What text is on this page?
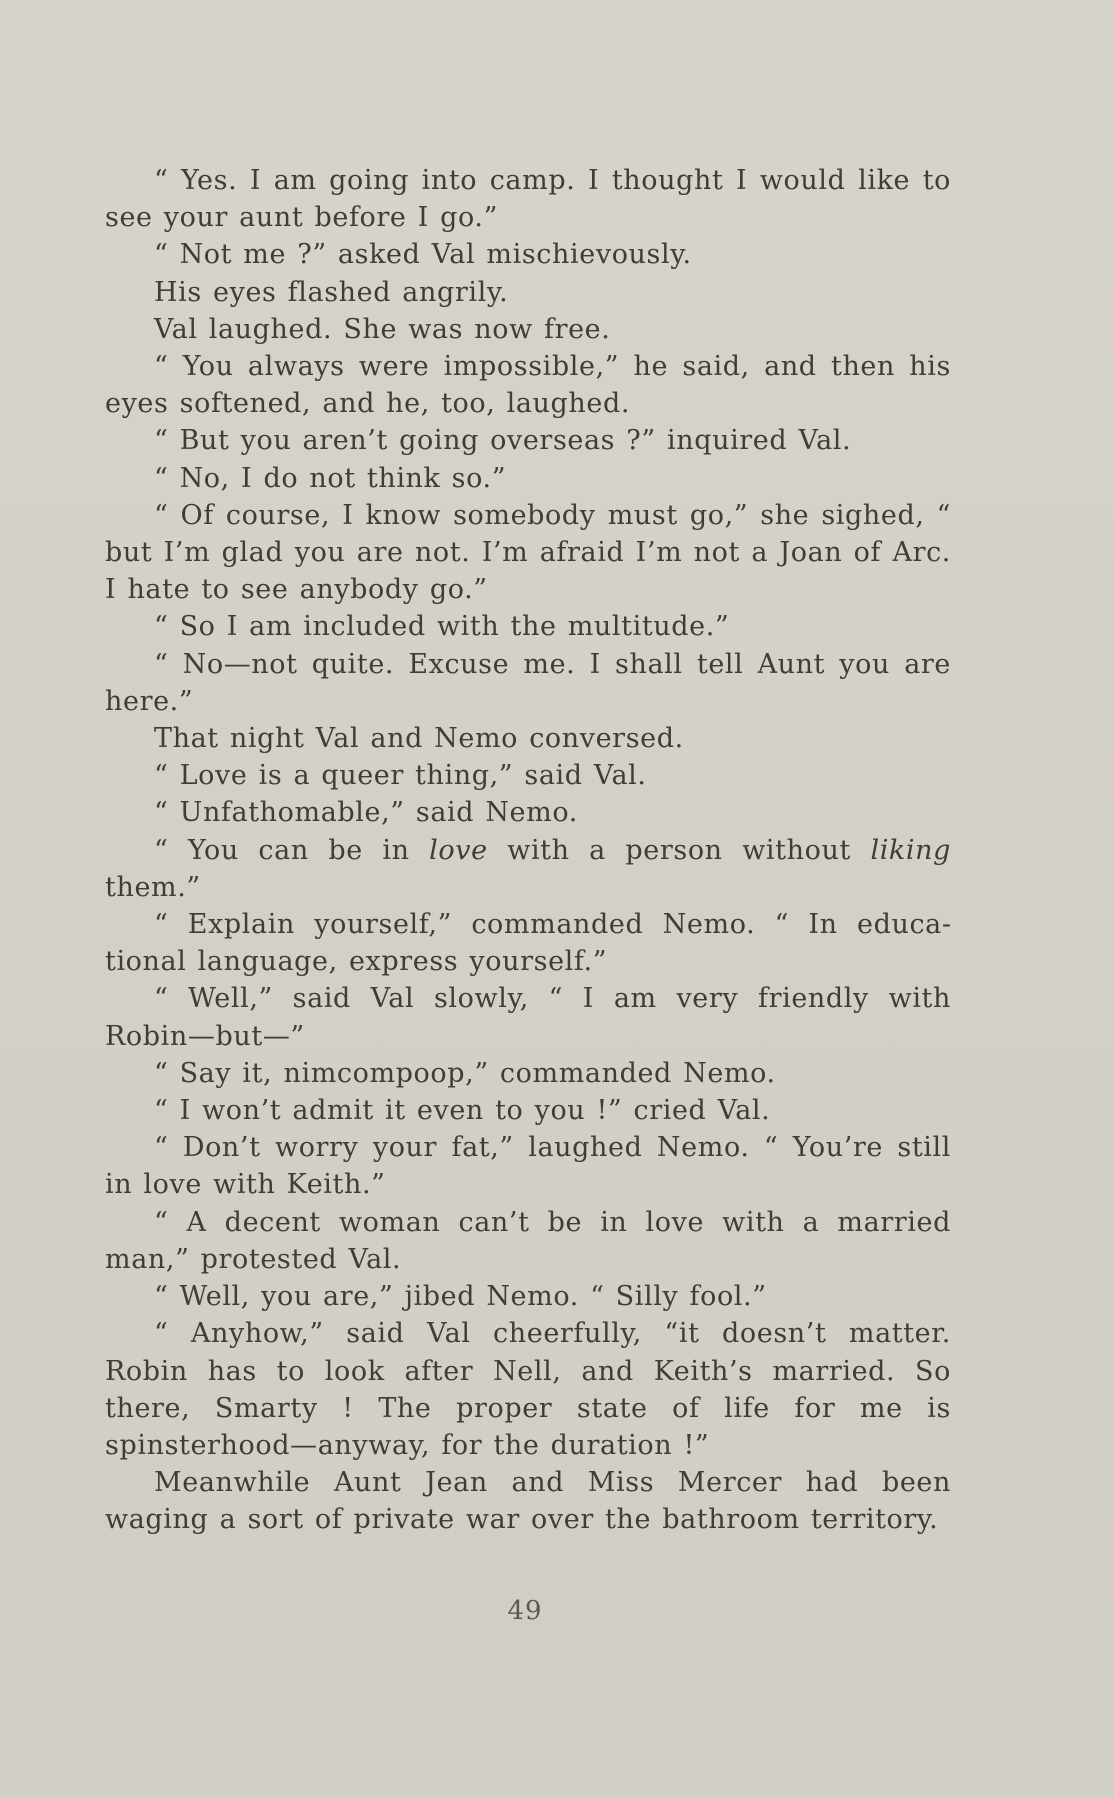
“ Yes. I am going into camp. I thought I would like to see your aunt before I go.”

“ Not me ?” asked Val mischievously.

His eyes flashed angrily.

Val laughed. She was now free.

“ You always were impossible,” he said, and then his eyes softened, and he, too, laughed.

“ But you aren’t going overseas ?” inquired Val.

“ No, I do not think so.”

“ Of course, I know somebody must go,” she sighed, “ but I’m glad you are not. I’m afraid I’m not a Joan of Arc. I hate to see anybody go.”

“ So I am included with the multitude.”

“ No—not quite. Excuse me. I shall tell Aunt you are here.”

That night Val and Nemo conversed.

“ Love is a queer thing,” said Val.

“ Unfathomable,” said Nemo.

“ You can be in love with a person without liking them.”

“ Explain yourself,” commanded Nemo. “ In educational language, express yourself.”

“ Well,” said Val slowly, “ I am very friendly with Robin—but—”

“ Say it, nimcompoop,” commanded Nemo.

“ I won’t admit it even to you !” cried Val.

“ Don’t worry your fat,” laughed Nemo. “ You’re still in love with Keith.”

“ A decent woman can’t be in love with a married man,” protested Val.

“ Well, you are,” jibed Nemo. “ Silly fool.”

“ Anyhow,” said Val cheerfully, “it doesn’t matter. Robin has to look after Nell, and Keith’s married. So there, Smarty ! The proper state of life for me is spinsterhood—anyway, for the duration !”

Meanwhile Aunt Jean and Miss Mercer had been waging a sort of private war over the bathroom territory.

49
